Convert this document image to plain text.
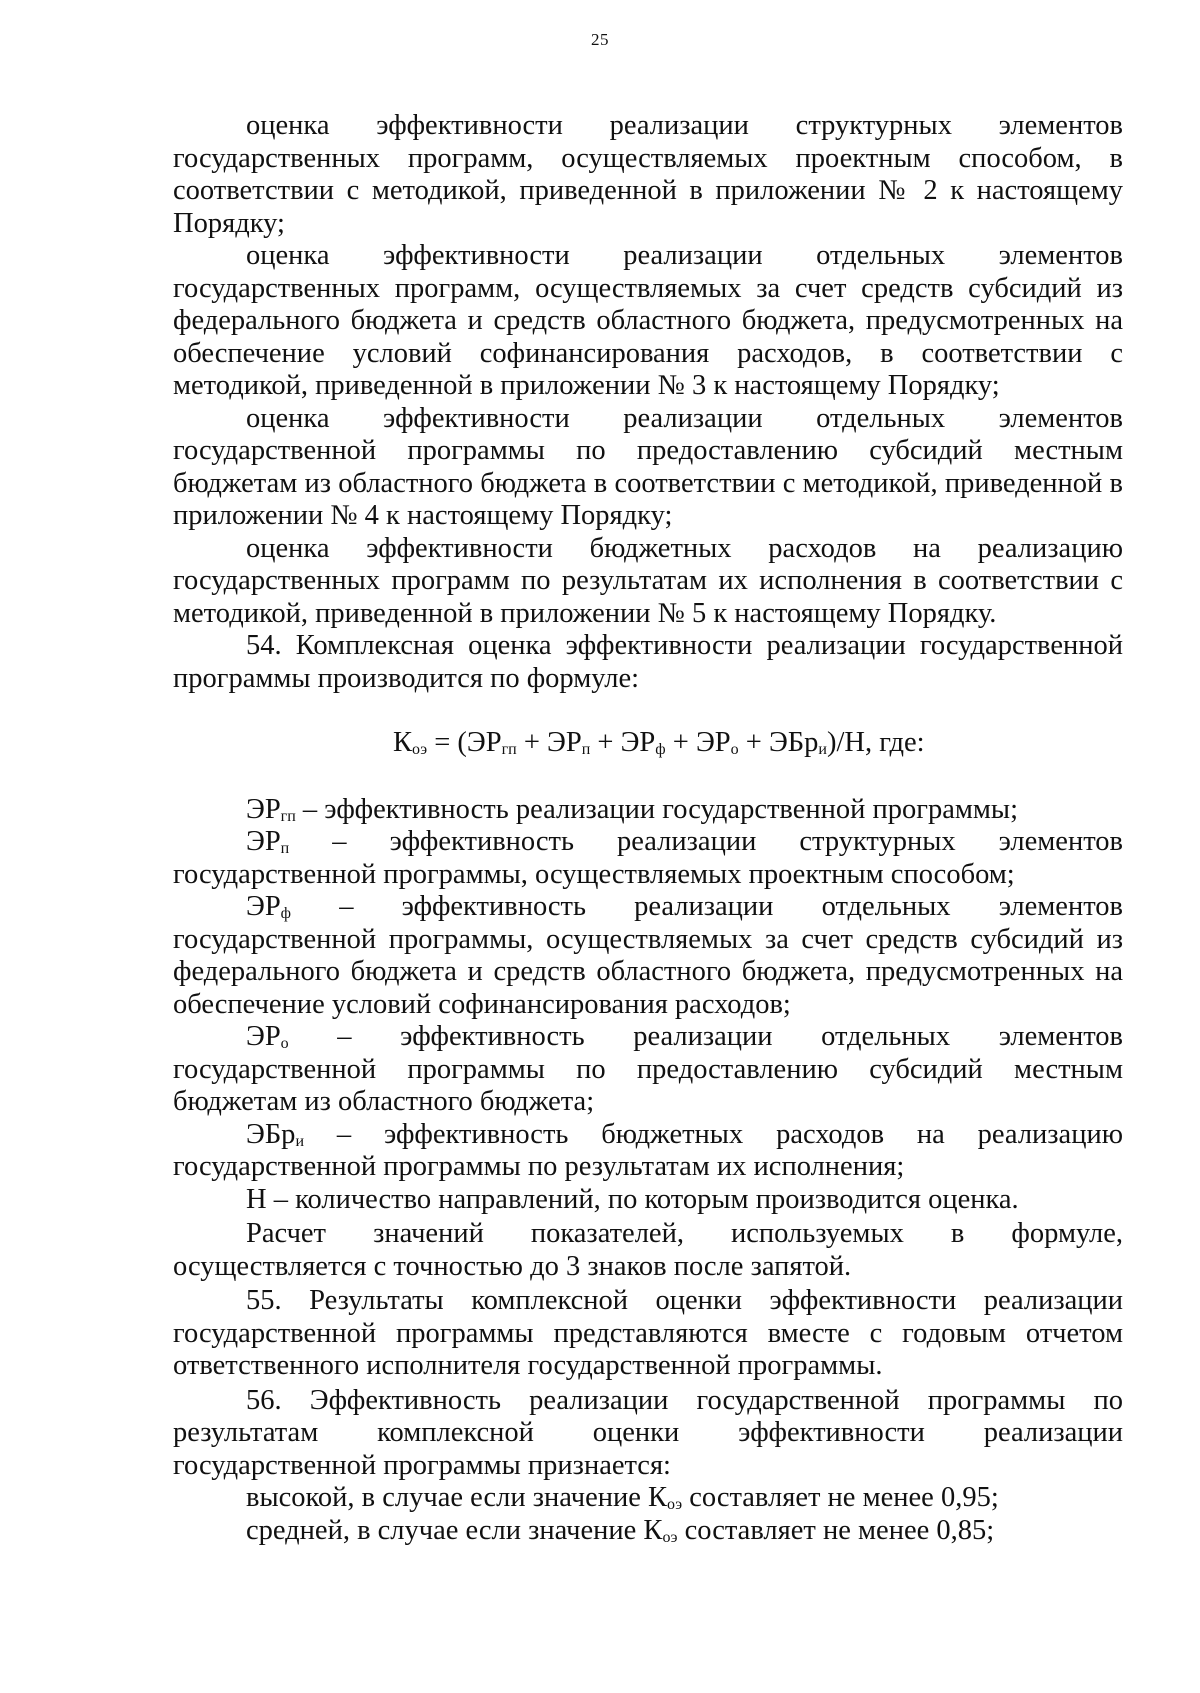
25

оценка эффективности реализации структурных элементов государственных программ, осуществляемых проектным способом, в соответствии с методикой, приведенной в приложении № 2 к настоящему Порядку;

оценка эффективности реализации отдельных элементов государственных программ, осуществляемых за счет средств субсидий из федерального бюджета и средств областного бюджета, предусмотренных на обеспечение условий софинансирования расходов, в соответствии с методикой, приведенной в приложении № 3 к настоящему Порядку;

оценка эффективности реализации отдельных элементов государственной программы по предоставлению субсидий местным бюджетам из областного бюджета в соответствии с методикой, приведенной в приложении № 4 к настоящему Порядку;

оценка эффективности бюджетных расходов на реализацию государственных программ по результатам их исполнения в соответствии с методикой, приведенной в приложении № 5 к настоящему Порядку.

54. Комплексная оценка эффективности реализации государственной программы производится по формуле:

$К_{оэ} = (ЭР_{гп} + ЭР_п + ЭР_ф + ЭР_о + ЭБр_и)/Н$, где:

$ЭР_{гп}$ – эффективность реализации государственной программы;

$ЭР_п$ – эффективность реализации структурных элементов государственной программы, осуществляемых проектным способом;

$ЭР_ф$ – эффективность реализации отдельных элементов государственной программы, осуществляемых за счет средств субсидий из федерального бюджета и средств областного бюджета, предусмотренных на обеспечение условий софинансирования расходов;

$ЭР_о$ – эффективность реализации отдельных элементов государственной программы по предоставлению субсидий местным бюджетам из областного бюджета;

ЭБр$_и$ – эффективность бюджетных расходов на реализацию государственной программы по результатам их исполнения;

Н – количество направлений, по которым производится оценка.

Расчет значений показателей, используемых в формуле, осуществляется с точностью до 3 знаков после запятой.

55. Результаты комплексной оценки эффективности реализации государственной программы представляются вместе с годовым отчетом ответственного исполнителя государственной программы.

56. Эффективность реализации государственной программы по результатам комплексной оценки эффективности реализации государственной программы признается:

высокой, в случае если значение $К_{оэ}$ составляет не менее 0,95;

средней, в случае если значение $К_{оэ}$ составляет не менее 0,85;
